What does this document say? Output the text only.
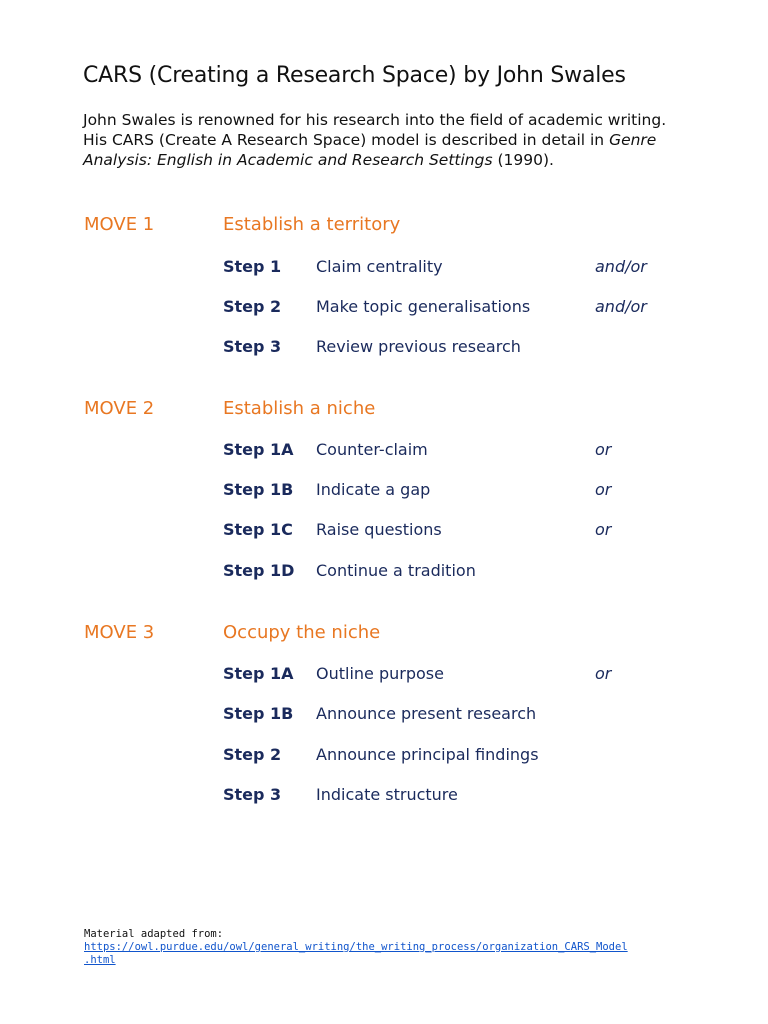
CARS (Creating a Research Space) by John Swales
John Swales is renowned for his research into the field of academic writing.
His CARS (Create A Research Space) model is described in detail in Genre
Analysis: English in Academic and Research Settings (1990).
MOVE 1	Establish a territory
Step 1 Claim centrality	and/or
Step 2 Make topic generalisations	and/or
Step 3 Review previous research
MOVE 2	Establish a niche
Step 1A Counter-claim	or
Step 1B Indicate a gap	or
Step 1C Raise questions	or
Step 1D Continue a tradition
MOVE 3	Occupy the niche
Step 1A Outline purpose	or
Step 1B Announce present research
Step 2 Announce principal findings
Step 3 Indicate structure
Material adapted from:
https://owl.purdue.edu/owl/general_writing/the_writing_process/organization_CARS_Model
.html
